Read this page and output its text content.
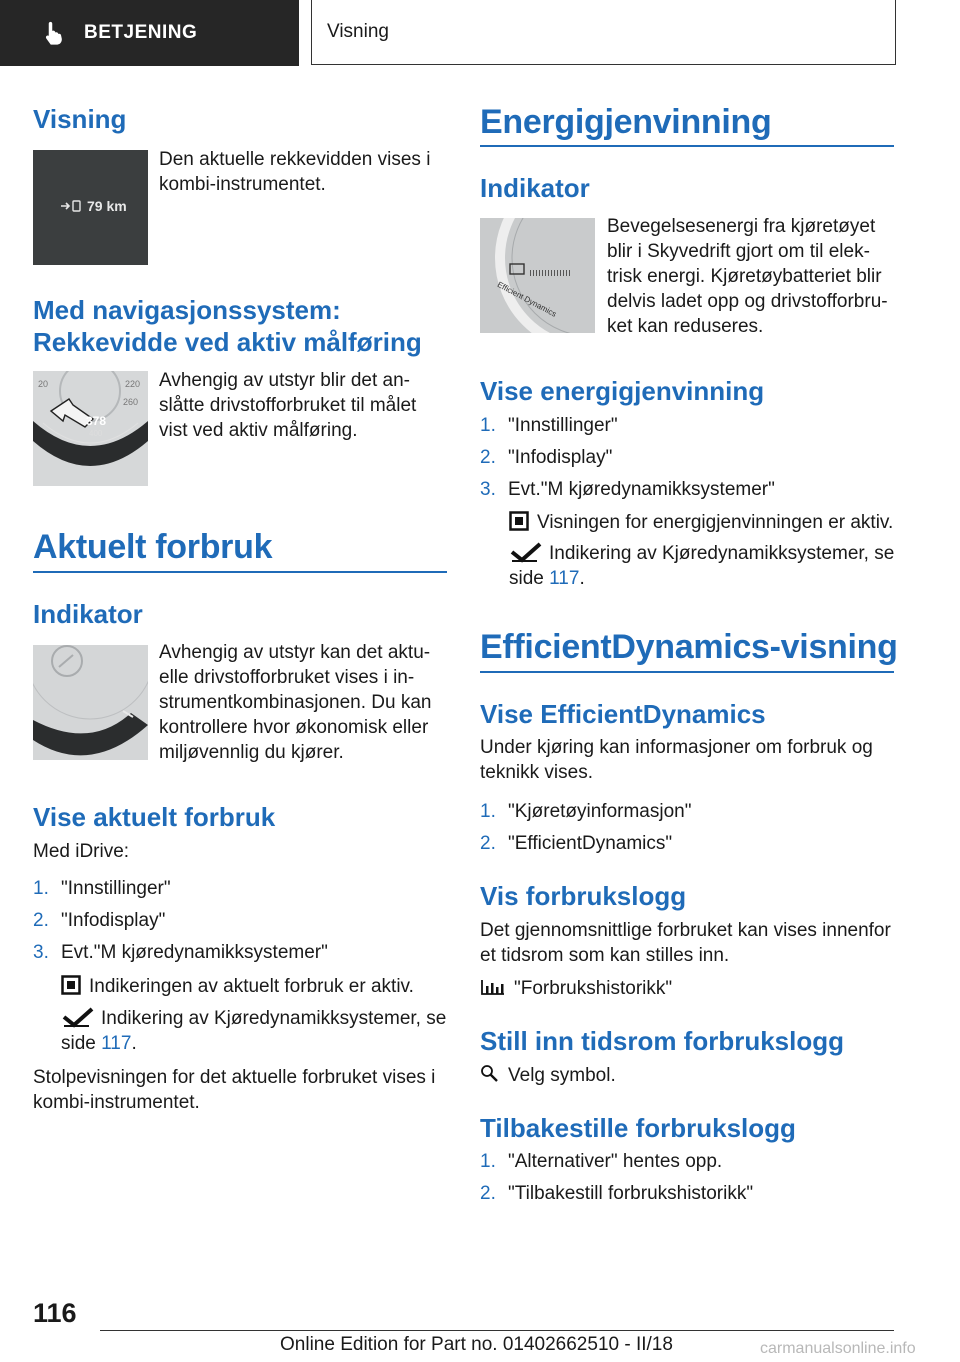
BETJENING	Visning
Visning
79 km
Den aktuelle rekkevidden vises i kombi-instrumentet.
Med navigasjonssystem:
Rekkevidde ved aktiv målføring
20	220
260
378
400
Avhengig av utstyr blir det an-slåtte drivstofforbruket til målet vist ved aktiv målføring.
Aktuelt forbruk
Indikator
Avhengig av utstyr kan det aktu-elle drivstofforbruket vises i in-strumentkombinasjonen. Du kan kontrollere hvor økonomisk eller miljøvennlig du kjører.
Vise aktuelt forbruk
Med iDrive:
1. "Innstillinger"
2. "Infodisplay"
3. Evt."M kjøredynamikksystemer"
Indikeringen av aktuelt forbruk er aktiv.
Indikering av Kjøredynamikksystemer, se
side 117.
Stolpevisningen for det aktuelle forbruket vises i kombi-instrumentet.
Energigjenvinning
Indikator
Efficient Dynamics
Bevegelsesenergi fra kjøretøyet blir i Skyvedrift gjort om til elek-trisk energi. Kjøretøybatteriet blir delvis ladet opp og drivstofforbru-ket kan reduseres.
Vise energigjenvinning
1. "Innstillinger"
2. "Infodisplay"
3. Evt."M kjøredynamikksystemer"
Visningen for energigjenvinningen er aktiv.
Indikering av Kjøredynamikksystemer, se
side 117.
EfficientDynamics-visning
Vise EfficientDynamics
Under kjøring kan informasjoner om forbruk og teknikk vises.
1. "Kjøretøyinformasjon"
2. "EfficientDynamics"
Vis forbrukslogg
Det gjennomsnittlige forbruket kan vises innenfor et tidsrom som kan stilles inn.
"Forbrukshistorikk"
Still inn tidsrom forbrukslogg
Velg symbol.
Tilbakestille forbrukslogg
1. "Alternativer" hentes opp.
2. "Tilbakestill forbrukshistorikk"
116
Online Edition for Part no. 01402662510 - II/18	carmanualsonline.info
